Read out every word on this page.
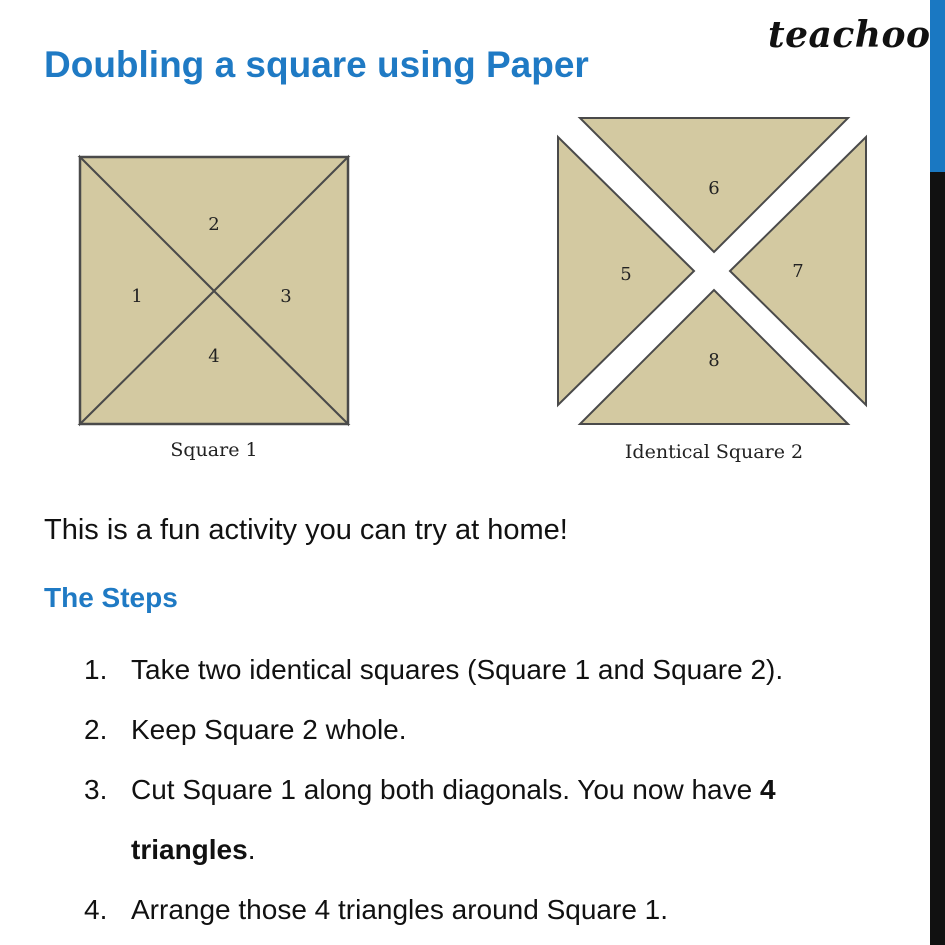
teachoo
Doubling a square using Paper
1
2
3
4
Square 1
6
5	7
8
Identical Square 2

This is a fun activity you can try at home!

The Steps
1. Take two identical squares (Square 1 and Square 2).
2. Keep Square 2 whole.
3. Cut Square 1 along both diagonals. You now have 4 triangles.
4. Arrange those 4 triangles around Square 1.
